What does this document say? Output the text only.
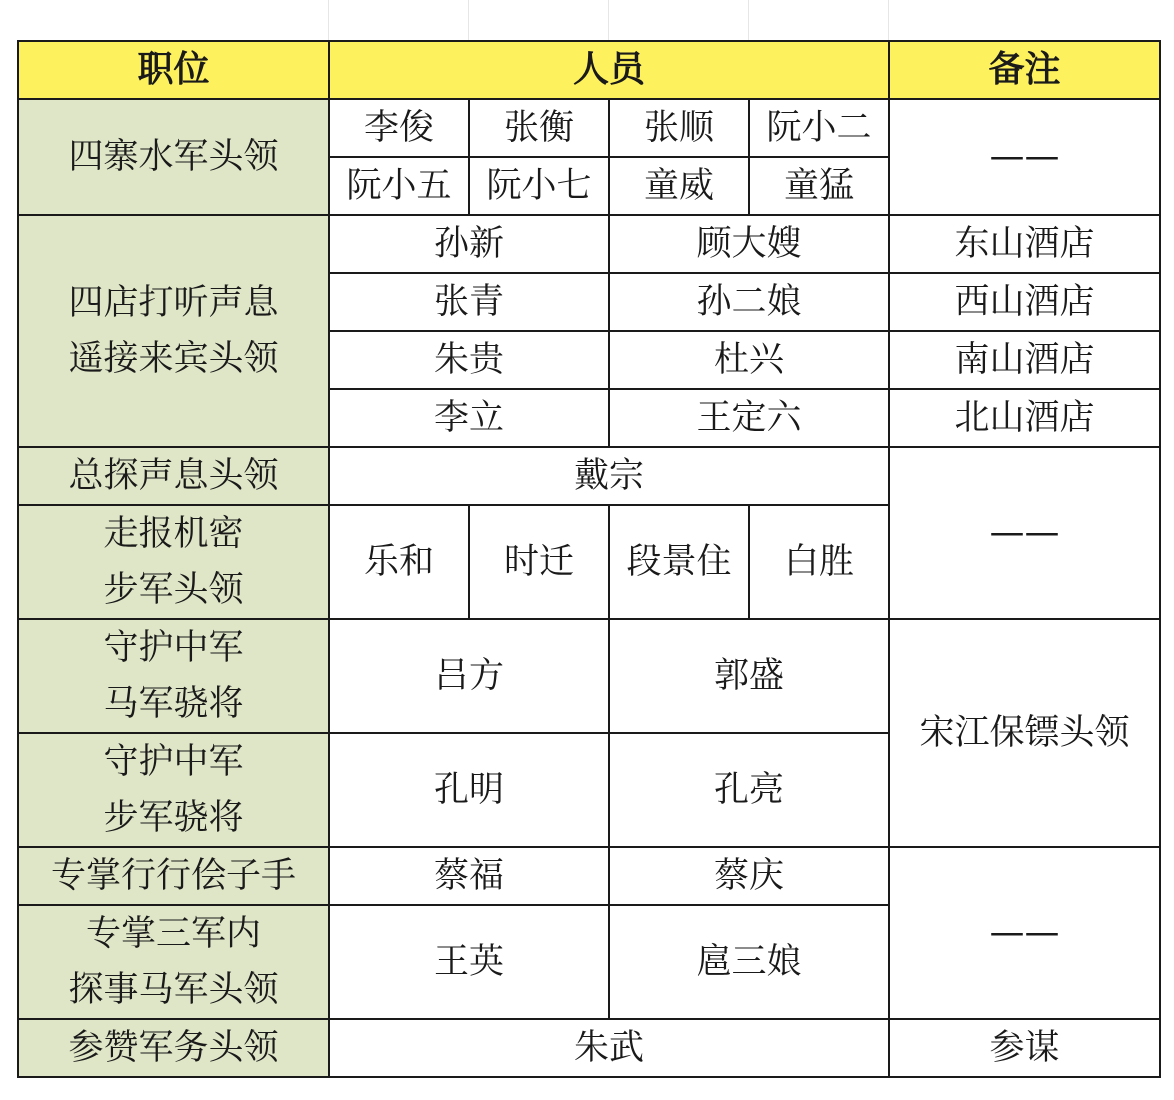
职位	人员				备注

四寨水军头领	李俊	张衡	张顺	阮小二	——
	阮小五	阮小七	童威	童猛	

四店打听声息
遥接来宾头领	孙新		顾大嫂		东山酒店
	张青		孙二娘		西山酒店
	朱贵		杜兴		南山酒店
	李立		王定六		北山酒店

总探声息头领	戴宗				——

走报机密
步军头领	乐和	时迁	段景住	白胜	

守护中军
马军骁将	吕方		郭盛		宋江保镖头领

守护中军
步军骁将	孔明		孔亮		

专掌行行侩子手	蔡福		蔡庆		——

专掌三军内
探事马军头领	王英		扈三娘		

参赞军务头领	朱武				参谋
